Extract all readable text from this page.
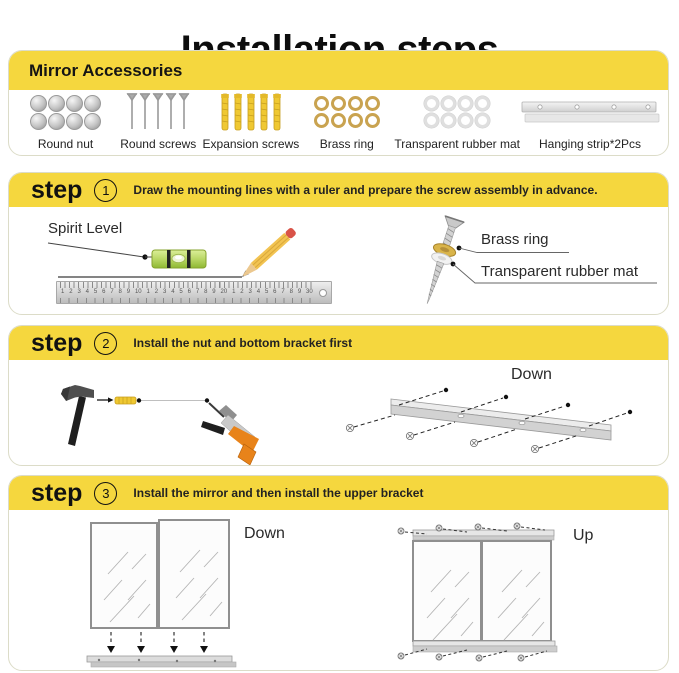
Mirror Accessories
Round nut Round screws Expansion screws Brass ring Transparent rubber mat Hanging strip*2Pcs
step	1	Draw the mounting lines with a ruler and prepare the screw assembly in advance.
Spirit Level
Brass ring
Transparent rubber mat
1 2 3 4 5 6 7 8 9 10 1 2 3 4 5 6 7 8 9 20 1 2 3 4 5 6 7 8 9 30
step	2	Install the nut and bottom bracket first
Down
step	3	Install the mirror and then install the upper bracket
Down	Up
